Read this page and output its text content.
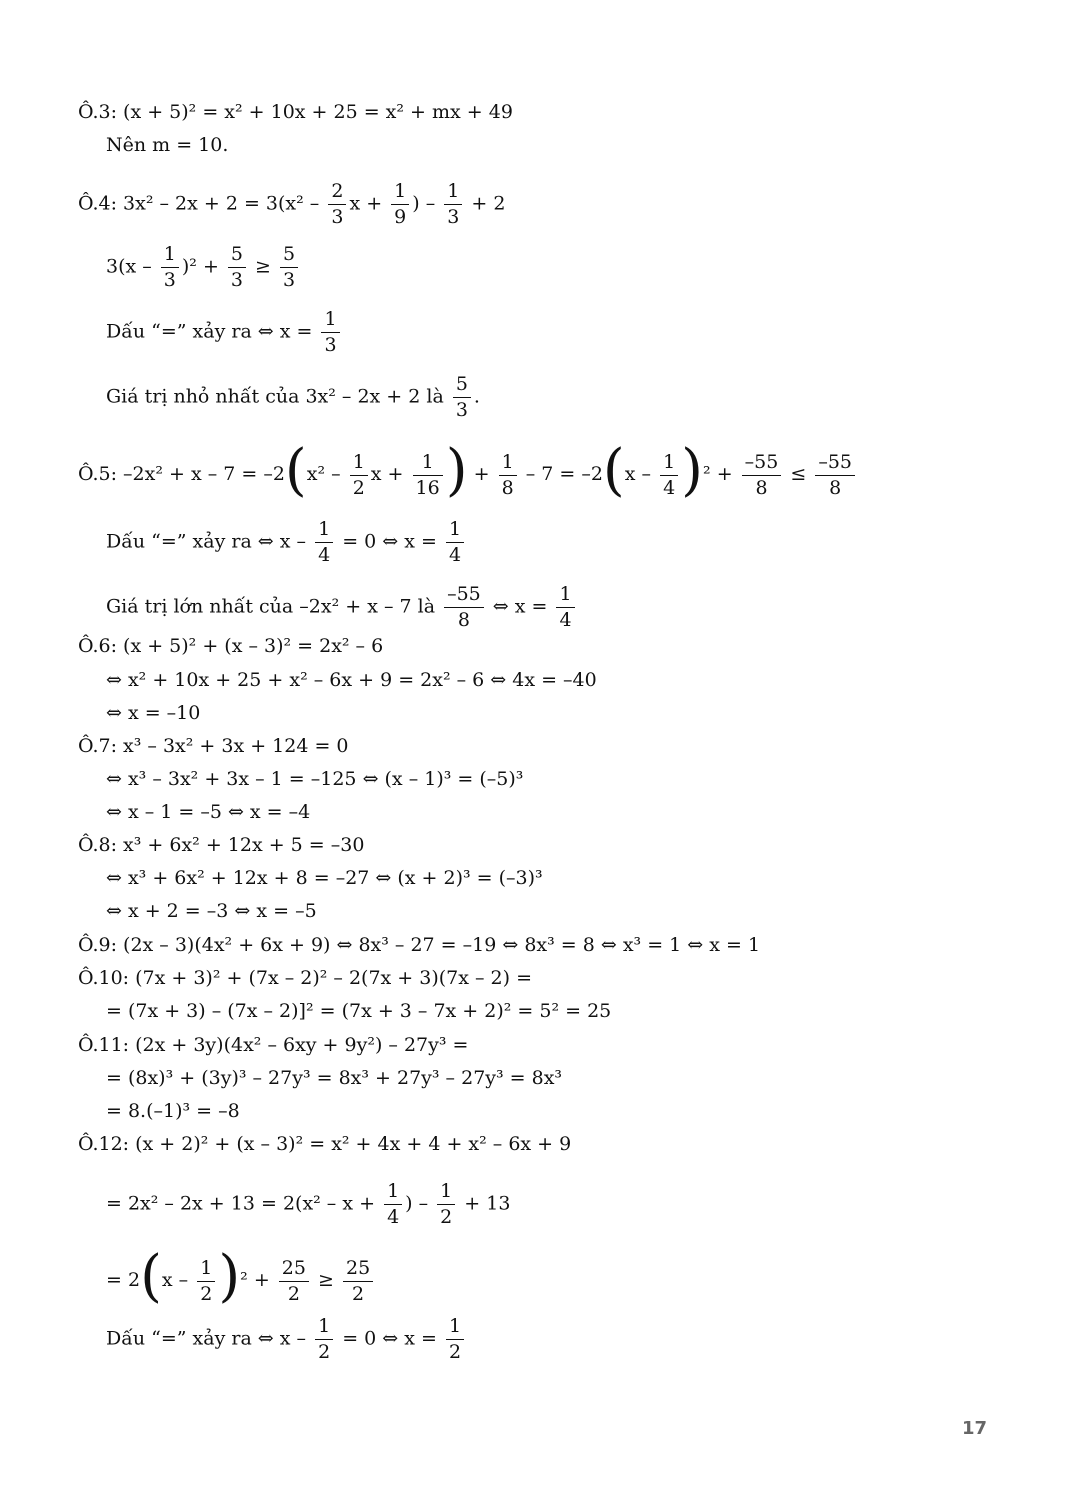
Ô.3: (x + 5)² = x² + 10x + 25 = x² + mx + 49
Nên m = 10.
Ô.4: $3x^2 - 2x + 2 = 3(x^2 - \frac{2}{3}$ $x + \frac{1}{9}$ ) – $\frac{1}{3} + 2$
$3(x - \frac{1}{3} )^2 + \frac{5}{3} \ge \frac{5}{3}$
Dấu “=” xảy ra ⇔ $x = \frac{1}{3}$
Giá trị nhỏ nhất của 3x² – 2x + 2 là $\frac{5}{3}$ .
Ô.5: $-2x^2 + x - 7 = -2(x^2 - \frac{1}{2}$ $x + \frac{1}{16}$ ) + $\frac{1}{8} - 7 = -2(x - \frac{1}{4} )^2 + \frac{-55}{8} \le \frac{-55}{8}$
Dấu “=” xảy ra ⇔ $x - \frac{1}{4} = 0$ ⇔ $x = \frac{1}{4}$
Giá trị lớn nhất của –2x² + x – 7 là $\frac{-55}{8}$ ⇔ $x = \frac{1}{4}$
Ô.6: (x + 5)² + (x – 3)² = 2x² – 6
⇔ x² + 10x + 25 + x² – 6x + 9 = 2x² – 6 ⇔ 4x = –40
⇔ x = –10
Ô.7: x³ – 3x² + 3x + 124 = 0
⇔ x³ – 3x² + 3x – 1 = –125 ⇔ (x – 1)³ = (–5)³
⇔ x – 1 = –5 ⇔ x = –4
Ô.8: x³ + 6x² + 12x + 5 = –30
⇔ x³ + 6x² + 12x + 8 = –27 ⇔ (x + 2)³ = (–3)³
⇔ x + 2 = –3 ⇔ x = –5
Ô.9: (2x – 3)(4x² + 6x + 9) ⇔ 8x³ – 27 = –19 ⇔ 8x³ = 8 ⇔ x³ = 1 ⇔ x = 1
Ô.10: (7x + 3)² + (7x – 2)² – 2(7x + 3)(7x – 2) =
= (7x + 3) – (7x – 2)]² = (7x + 3 – 7x + 2)² = 5² = 25
Ô.11: (2x + 3y)(4x² – 6xy + 9y²) – 27y³ =
= (8x)³ + (3y)³ – 27y³ = 8x³ + 27y³ – 27y³ = 8x³
= 8.(–1)³ = –8
Ô.12: (x + 2)² + (x – 3)² = x² + 4x + 4 + x² – 6x + 9
= $2x^2 - 2x + 13 = 2(x^2 - x + \frac{1}{4}$ ) – $\frac{1}{2} + 13$
= $2(x - \frac{1}{2} )^2 + \frac{25}{2} \ge \frac{25}{2}$
Dấu “=” xảy ra ⇔ $x - \frac{1}{2} = 0$ ⇔ $x = \frac{1}{2}$
17
